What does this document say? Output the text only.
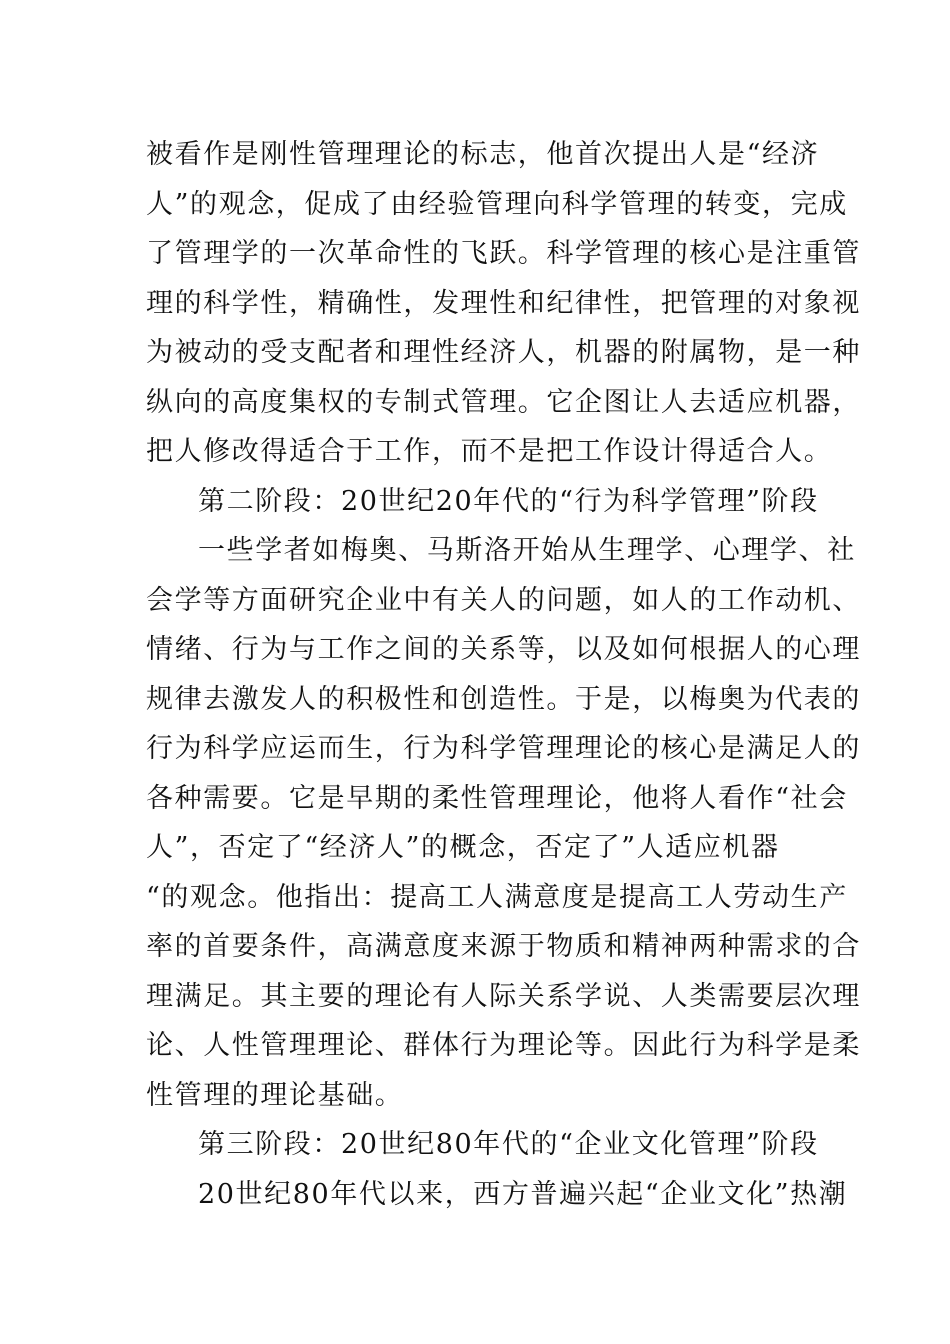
被看作是刚性管理理论的标志，他首次提出人是“经济
人”的观念，促成了由经验管理向科学管理的转变，完成
了管理学的一次革命性的飞跃。科学管理的核心是注重管
理的科学性，精确性，发理性和纪律性，把管理的对象视
为被动的受支配者和理性经济人，机器的附属物，是一种
纵向的高度集权的专制式管理。它企图让人去适应机器，
把人修改得适合于工作，而不是把工作设计得适合人。
第二阶段：20世纪20年代的“行为科学管理”阶段
一些学者如梅奥、马斯洛开始从生理学、心理学、社
会学等方面研究企业中有关人的问题，如人的工作动机、
情绪、行为与工作之间的关系等，以及如何根据人的心理
规律去激发人的积极性和创造性。于是，以梅奥为代表的
行为科学应运而生，行为科学管理理论的核心是满足人的
各种需要。它是早期的柔性管理理论，他将人看作“社会
人”，否定了“经济人”的概念，否定了”人适应机器
“的观念。他指出：提高工人满意度是提高工人劳动生产
率的首要条件，高满意度来源于物质和精神两种需求的合
理满足。其主要的理论有人际关系学说、人类需要层次理
论、人性管理理论、群体行为理论等。因此行为科学是柔
性管理的理论基础。
第三阶段：20世纪80年代的“企业文化管理”阶段
20世纪80年代以来，西方普遍兴起“企业文化”热潮
